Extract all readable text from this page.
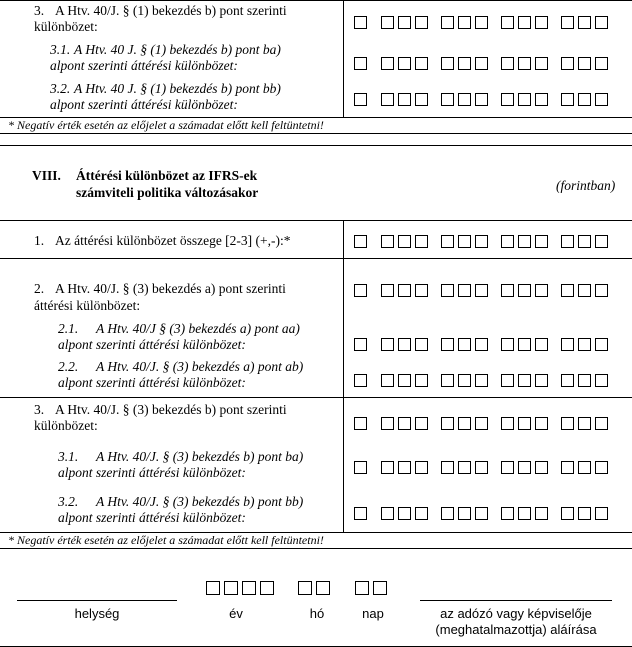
3. A Htv. 40/J. § (1) bekezdés b) pont szerinti
különbözet:
3.1. A Htv. 40 J. § (1) bekezdés b) pont ba)
alpont szerinti áttérési különbözet:
3.2. A Htv. 40 J. § (1) bekezdés b) pont bb)
alpont szerinti áttérési különbözet:
* Negatív érték esetén az előjelet a számadat előtt kell feltüntetni!
VIII. Áttérési különbözet az IFRS-ek
számviteli politika változásakor	(forintban)
1. Az áttérési különbözet összege [2-3] (+,-):*
2. A Htv. 40/J. § (3) bekezdés a) pont szerinti
áttérési különbözet:
2.1. A Htv. 40/J § (3) bekezdés a) pont aa)
alpont szerinti áttérési különbözet:
2.2. A Htv. 40/J. § (3) bekezdés a) pont ab)
alpont szerinti áttérési különbözet:
3. A Htv. 40/J. § (3) bekezdés b) pont szerinti
különbözet:
3.1. A Htv. 40/J. § (3) bekezdés b) pont ba)
alpont szerinti áttérési különbözet:
3.2. A Htv. 40/J. § (3) bekezdés b) pont bb)
alpont szerinti áttérési különbözet:
* Negatív érték esetén az előjelet a számadat előtt kell feltüntetni!
helység	év	hó	nap	az adózó vagy képviselője
(meghatalmazottja) aláírása
